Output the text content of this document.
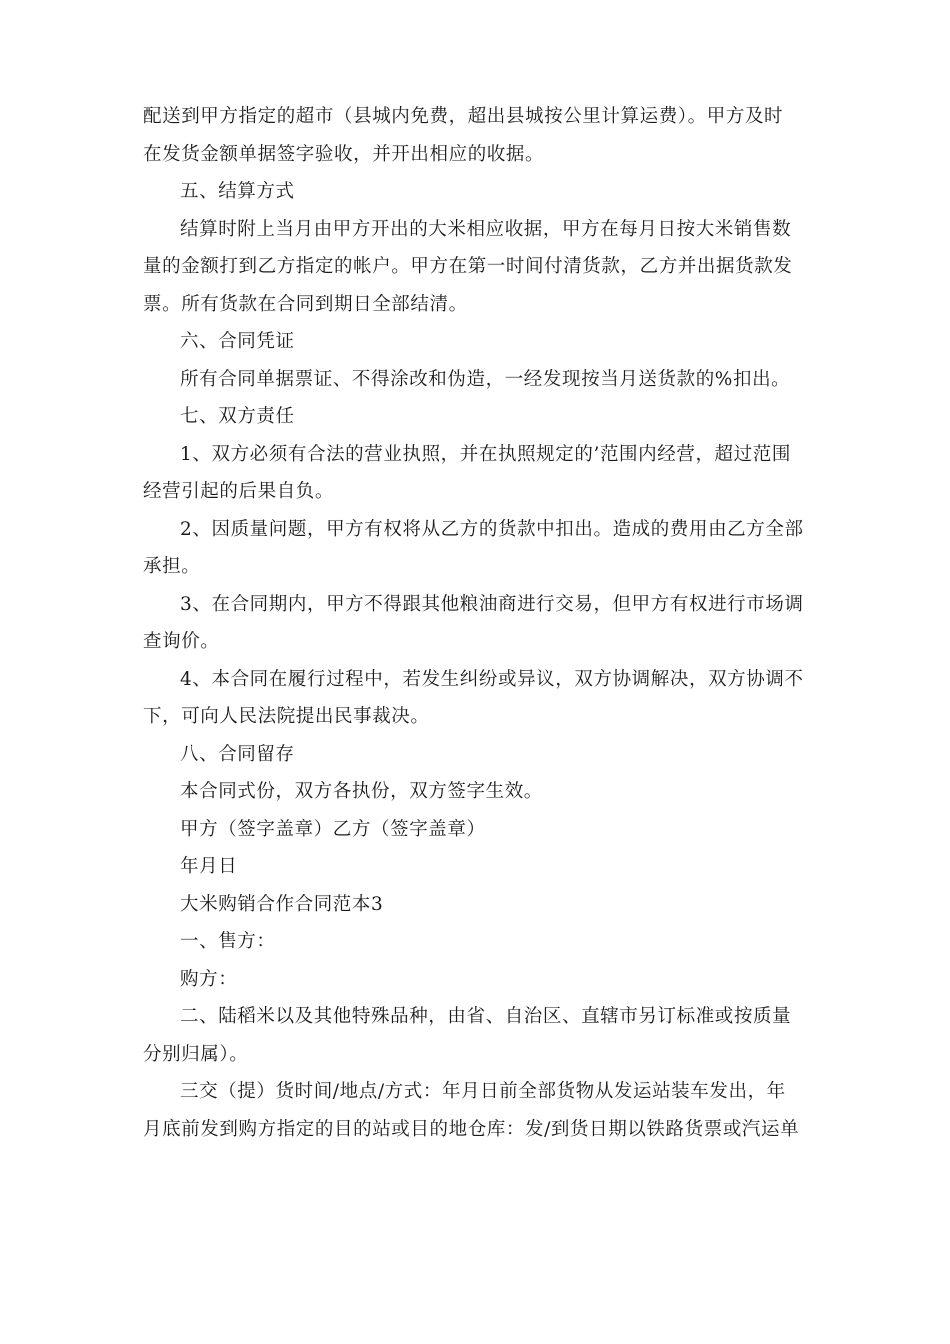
配送到甲方指定的超市（县城内免费，超出县城按公里计算运费）。甲方及时
在发货金额单据签字验收，并开出相应的收据。

五、结算方式

结算时附上当月由甲方开出的大米相应收据，甲方在每月日按大米销售数

量的金额打到乙方指定的帐户。甲方在第一时间付清货款，乙方并出据货款发
票。所有货款在合同到期日全部结清。

六、合同凭证

所有合同单据票证、不得涂改和伪造，一经发现按当月送货款的%扣出。

七、双方责任

1、双方必须有合法的营业执照，并在执照规定的’范围内经营，超过范围

经营引起的后果自负。

2、因质量问题，甲方有权将从乙方的货款中扣出。造成的费用由乙方全部

承担。

3、在合同期内，甲方不得跟其他粮油商进行交易，但甲方有权进行市场调

查询价。

4、本合同在履行过程中，若发生纠纷或异议，双方协调解决，双方协调不

下，可向人民法院提出民事裁决。

八、合同留存

本合同式份，双方各执份，双方签字生效。

甲方（签字盖章）乙方（签字盖章）

年月日

大米购销合作合同范本3

一、售方：

购方：

二、陆稻米以及其他特殊品种，由省、自治区、直辖市另订标准或按质量

分别归属）。

三交（提）货时间/地点/方式：年月日前全部货物从发运站装车发出，年

月底前发到购方指定的目的站或目的地仓库：发/到货日期以铁路货票或汽运单
